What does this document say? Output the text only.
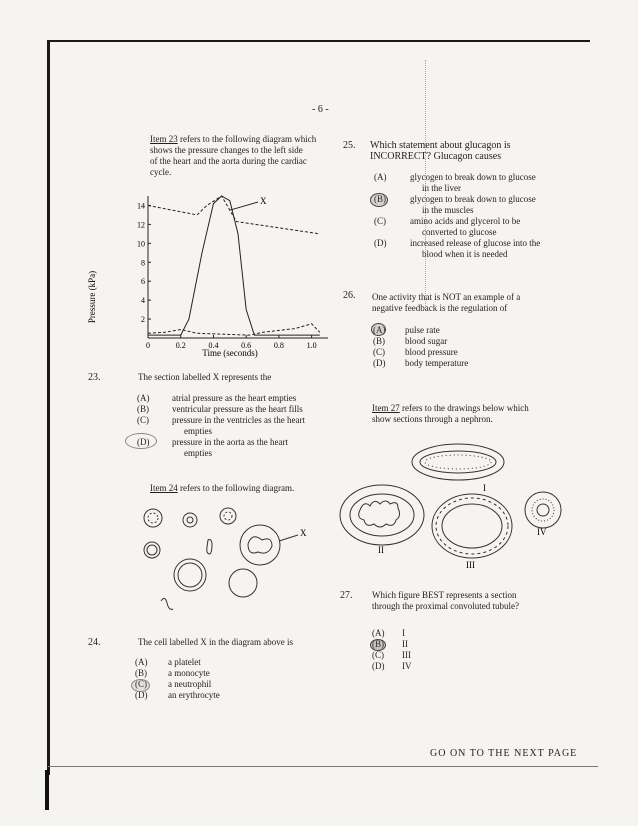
- 6 -
Item 23 refers to the following diagram which
shows the pressure changes to the left side
of the heart and the aorta during the cardiac
cycle.
0	0.2	0.4	0.6	0.8	1.0
2
4
6
8
10
12
14
Pressure (kPa)
Time (seconds)
X
23.	The section labelled X represents the
(A)	atrial pressure as the heart empties
(B)	ventricular pressure as the heart fills
(C)	pressure in the ventricles as the heart
empties
(D)	pressure in the aorta as the heart
empties
Item 24 refers to the following diagram.
X
24.	The cell labelled X in the diagram above is
(A) a platelet
(B) a monocyte
(C) a neutrophil
(D) an erythrocyte
25. Which statement about glucagon is
INCORRECT? Glucagon causes
(A)	glycogen to break down to glucose
in the liver
(B)	glycogen to break down to glucose
in the muscles
(C)	amino acids and glycerol to be
converted to glucose
(D)	increased release of glucose into the
blood when it is needed
26. One activity that is NOT an example of a
negative feedback is the regulation of
(A) pulse rate
(B) blood sugar
(C) blood pressure
(D) body temperature
Item 27 refers to the drawings below which
show sections through a nephron.
I
II
III
IV
27. Which figure BEST represents a section
through the proximal convoluted tubule?
(A) I
(B) II
(C) III
(D) IV
GO ON TO THE NEXT PAGE
